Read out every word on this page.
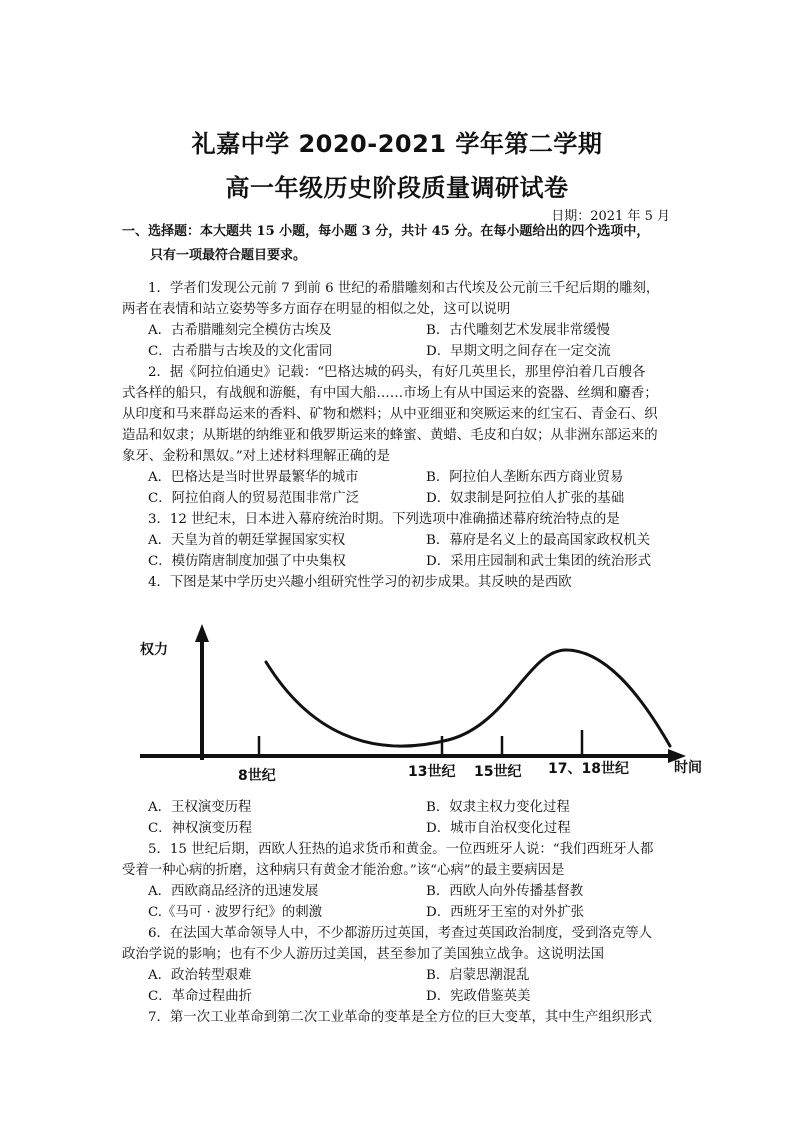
礼嘉中学 2020-2021 学年第二学期
高一年级历史阶段质量调研试卷
日期：2021 年 5 月
一、选择题：本大题共 15 小题，每小题 3 分，共计 45 分。在每小题给出的四个选项中，
只有一项最符合题目要求。
1．学者们发现公元前 7 到前 6 世纪的希腊雕刻和古代埃及公元前三千纪后期的雕刻，
两者在表情和站立姿势等多方面存在明显的相似之处，这可以说明
A．古希腊雕刻完全模仿古埃及	B．古代雕刻艺术发展非常缓慢
C．古希腊与古埃及的文化雷同	D．早期文明之间存在一定交流
2．据《阿拉伯通史》记载：“巴格达城的码头，有好几英里长，那里停泊着几百艘各
式各样的船只，有战舰和游艇，有中国大船……市场上有从中国运来的瓷器、丝绸和麝香；
从印度和马来群岛运来的香料、矿物和燃料；从中亚细亚和突厥运来的红宝石、青金石、织
造品和奴隶；从斯堪的纳维亚和俄罗斯运来的蜂蜜、黄蜡、毛皮和白奴；从非洲东部运来的
象牙、金粉和黑奴。”对上述材料理解正确的是
A．巴格达是当时世界最繁华的城市	B．阿拉伯人垄断东西方商业贸易
C．阿拉伯商人的贸易范围非常广泛	D．奴隶制是阿拉伯人扩张的基础
3．12 世纪末，日本进入幕府统治时期。下列选项中准确描述幕府统治特点的是
A．天皇为首的朝廷掌握国家实权	B．幕府是名义上的最高国家政权机关
C．模仿隋唐制度加强了中央集权	D．采用庄园制和武士集团的统治形式
4．下图是某中学历史兴趣小组研究性学习的初步成果。其反映的是西欧
权力
8世纪	13世纪 15世纪 17、18世纪	时间
A．王权演变历程	B．奴隶主权力变化过程
C．神权演变历程	D．城市自治权变化过程
5．15 世纪后期，西欧人狂热的追求货币和黄金。一位西班牙人说：“我们西班牙人都
受着一种心病的折磨，这种病只有黄金才能治愈。”该“心病”的最主要病因是
A．西欧商品经济的迅速发展	B．西欧人向外传播基督教
C.《马可 · 波罗行纪》的刺激	D．西班牙王室的对外扩张
6．在法国大革命领导人中，不少都游历过英国，考查过英国政治制度，受到洛克等人
政治学说的影响；也有不少人游历过美国，甚至参加了美国独立战争。这说明法国
A．政治转型艰难	B．启蒙思潮混乱
C．革命过程曲折	D．宪政借鉴英美
7．第一次工业革命到第二次工业革命的变革是全方位的巨大变革，其中生产组织形式
